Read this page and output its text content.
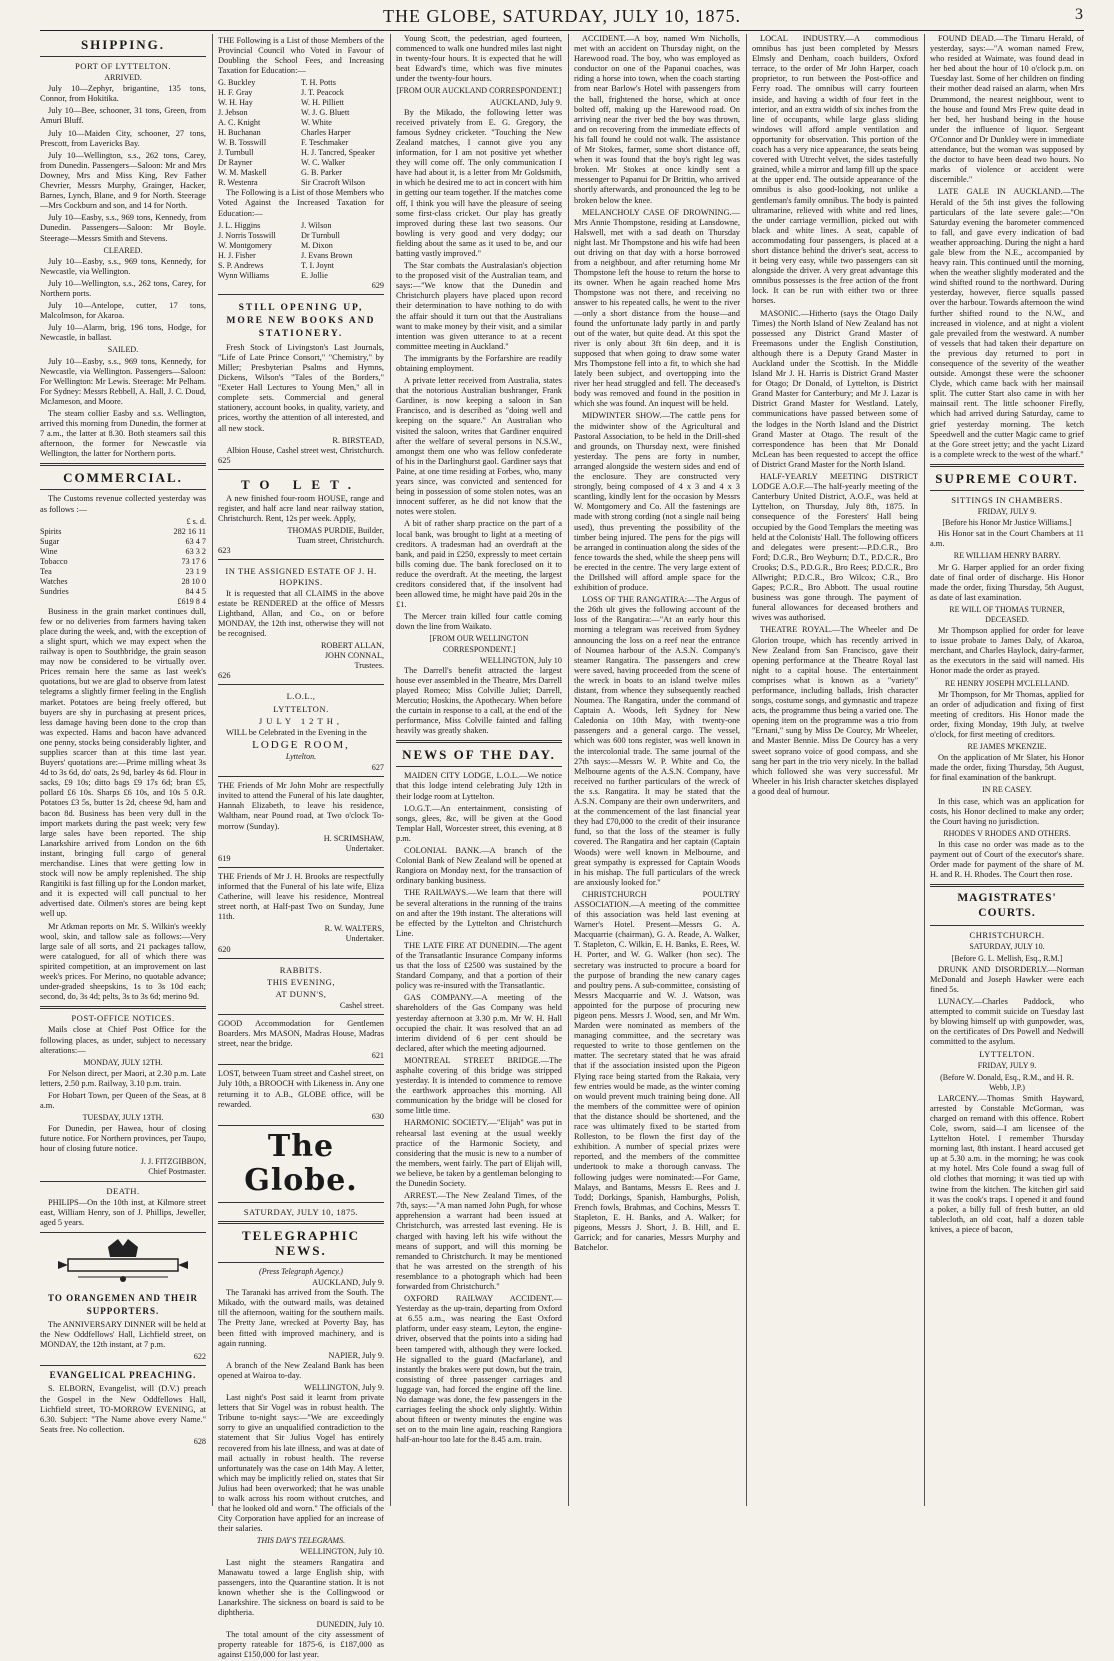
THE GLOBE, SATURDAY, JULY 10, 1875.	3
SHIPPING.
PORT OF LYTTELTON.
ARRIVED.

July 10—Zephyr, brigantine, 135 tons, Connor, from Hokitika.

July 10—Bee, schooner, 31 tons, Green, from Amuri Bluff.

July 10—Maiden City, schooner, 27 tons, Prescott, from Lavericks Bay.

July 10—Wellington, s.s., 262 tons, Carey, from Dunedin. Passengers—Saloon: Mr and Mrs Downey, Mrs and Miss King, Rev Father Chevrier, Messrs Murphy, Grainger, Hacker, Barnes, Lynch, Blane, and 9 for North. Steerage—Mrs Cockburn and son, and 14 for North.

July 10—Easby, s.s., 969 tons, Kennedy, from Dunedin. Passengers—Saloon: Mr Boyle. Steerage—Messrs Smith and Stevens.

CLEARED.

July 10—Easby, s.s., 969 tons, Kennedy, for Newcastle, via Wellington.

July 10—Wellington, s.s., 262 tons, Carey, for Northern ports.

July 10—Antelope, cutter, 17 tons, Malcolmson, for Akaroa.

July 10—Alarm, brig, 196 tons, Hodge, for Newcastle, in ballast.

SAILED.

July 10—Easby, s.s., 969 tons, Kennedy, for Newcastle, via Wellington. Passengers—Saloon: For Wellington: Mr Lewis. Steerage: Mr Pelham. For Sydney: Messrs Rebbell, A. Hall, J. C. Doud, McJameson, and Moore.

The steam collier Easby and s.s. Wellington, arrived this morning from Dunedin, the former at 7 a.m., the latter at 8.30. Both steamers sail this afternoon, the former for Newcastle via Wellington, the latter for Northern ports.

COMMERCIAL.

The Customs revenue collected yesterday was as follows :—

	£ s. d.
Spirits	282 16 11
Sugar	63 4 7
Wine	63 3 2
Tobacco	73 17 6
Tea	23 1 9
Watches	28 10 0
Sundries	84 4 5
	£619 8 4

Business in the grain market continues dull, few or no deliveries from farmers having taken place during the week, and, with the exception of a slight spurt, which we may expect when the railway is open to Southbridge, the grain season may now be considered to be virtually over. Prices remain here the same as last week's quotations, but we are glad to observe from latest telegrams a slightly firmer feeling in the English market. Potatoes are being freely offered, but buyers are shy in purchasing at present prices, less damage having been done to the crop than was expected. Hams and bacon have advanced one penny, stocks being considerably lighter, and supplies scarcer than at this time last year. Buyers' quotations are:—Prime milling wheat 3s 4d to 3s 6d, do' oats, 2s 9d, barley 4s 6d. Flour in sacks, £9 10s; ditto bags £9 17s 6d; bran £5, pollard £6 10s. Sharps £6 10s, and 10s 5 0.R. Potatoes £3 5s, butter 1s 2d, cheese 9d, ham and bacon 8d. Business has been very dull in the import markets during the past week; very few large sales have been reported. The ship Lanarkshire arrived from London on the 6th instant, bringing full cargo of general merchandise. Lines that were getting low in stock will now be amply replenished. The ship Rangitiki is fast filling up for the London market, and it is expected will call punctual to her advertised date. Oilmen's stores are being kept well up.

Mr Atkman reports on Mr. S. Wilkin's weekly wool, skin, and tallow sale as follows:—Very large sale of all sorts, and 21 packages tallow, were catalogued, for all of which there was spirited competition, at an improvement on last week's prices. For Merino, no quotable advance; under-graded sheepskins, 1s to 3s 10d each; second, do, 3s 4d; pelts, 3s to 3s 6d; merino 9d.

POST-OFFICE NOTICES.

Mails close at Chief Post Office for the following places, as under, subject to necessary alterations:—

MONDAY, JULY 12TH.

For Nelson direct, per Maori, at 2.30 p.m. Late letters, 2.50 p.m. Railway, 3.10 p.m. train.

For Hobart Town, per Queen of the Seas, at 8 a.m.

TUESDAY, JULY 13TH.

For Dunedin, per Hawea, hour of closing future notice. For Northern provinces, per Taupo, hour of closing future notice.

J. J. FITZGIBBON,
Chief Postmaster.
DEATH.

PHILIPS—On the 10th inst, at Kilmore street east, William Henry, son of J. Phillips, Jeweller, aged 5 years.

TO ORANGEMEN AND THEIR SUPPORTERS.

The ANNIVERSARY DINNER will be held at the New Oddfellows' Hall, Lichfield street, on MONDAY, the 12th instant, at 7 p.m.

622
EVANGELICAL PREACHING.

S. ELBORN, Evangelist, will (D.V.) preach the Gospel in the New Oddfellows Hall, Lichfield street, TO-MORROW EVENING, at 6.30. Subject: "The Name above every Name." Seats free. No collection.

628

THE Following is a List of those Members of the Provincial Council who Voted in Favour of Doubling the School Fees, and Increasing Taxation for Education:—

G. Buckley	T. H. Potts
H. F. Gray	J. T. Peacock
W. H. Hay	W. H. Pilliett
J. Jebson	W. J. G. Bluett
A. C. Knight	W. White
H. Buchanan	Charles Harper
W. B. Tosswill	F. Teschmaker
J. Turnbull	H. J. Tancred, Speaker
Dr Rayner	W. C. Walker
W. M. Maskell	G. B. Parker
R. Westenra	Sir Cracroft Wilson

The Following is a List of those Members who Voted Against the Increased Taxation for Education:—

J. L. Higgins	J. Wilson
J. Norris Tosswill	Dr Turnbull
W. Montgomery	M. Dixon
H. J. Fisher	J. Evans Brown
S. P. Andrews	T. I. Joynt
Wynn Williams	E. Jollie
629
STILL OPENING UP, MORE NEW BOOKS AND STATIONERY.

Fresh Stock of Livingston's Last Journals, "Life of Late Prince Consort," "Chemistry," by Miller; Presbyterian Psalms and Hymns, Dickens, Wilson's "Tales of the Borders," "Exeter Hall Lectures to Young Men," all in complete sets. Commercial and general stationery, account books, in quality, variety, and prices, worthy the attention of all interested, and all new stock.

R. BIRSTEAD,
Albion House, Cashel street west, Christchurch.
625
TO LET.

A new finished four-room HOUSE, range and register, and half acre land near railway station, Christchurch. Rent, 12s per week. Apply,

THOMAS PURDIE, Builder,
Tuam street, Christchurch.
623
IN THE ASSIGNED ESTATE OF J. H. HOPKINS.

It is requested that all CLAIMS in the above estate be RENDERED at the office of Messrs Lightband, Allan, and Co., on or before MONDAY, the 12th inst, otherwise they will not be recognised.

ROBERT ALLAN,
JOHN CONNAL,
Trustees.
626
L.O.L.,
LYTTELTON.
JULY 12TH,

WILL be Celebrated in the Evening in the

LODGE ROOM,
Lyttelton.
627

THE Friends of Mr John Mohr are respectfully invited to attend the Funeral of his late daughter, Hannah Elizabeth, to leave his residence, Waltham, near Pound road, at Two o'clock To-morrow (Sunday).

H. SCRIMSHAW,
Undertaker.
619

THE Friends of Mr J. H. Brooks are respectfully informed that the Funeral of his late wife, Eliza Catherine, will leave his residence, Montreal street north, at Half-past Two on Sunday, June 11th.

R. W. WALTERS,
Undertaker.
620
RABBITS.
THIS EVENING,
AT DUNN'S,
Cashel street.

GOOD Accommodation for Gentlemen Boarders. Mrs MASON, Madras House, Madras street, near the bridge.

621

LOST, between Tuam street and Cashel street, on July 10th, a BROOCH with Likeness in. Any one returning it to A.B., GLOBE office, will be rewarded.

630
The Globe.
SATURDAY, JULY 10, 1875.
TELEGRAPHIC NEWS.
(Press Telegraph Agency.)
AUCKLAND, July 9.

The Taranaki has arrived from the South. The Mikado, with the outward mails, was detained till the afternoon, waiting for the southern mails. The Pretty Jane, wrecked at Poverty Bay, has been fitted with improved machinery, and is again running.

NAPIER, July 9.

A branch of the New Zealand Bank has been opened at Wairoa to-day.

WELLINGTON, July 9.

Last night's Post said it learnt from private letters that Sir Vogel was in robust health. The Tribune to-night says:—"We are exceedingly sorry to give an unqualified contradiction to the statement that Sir Julius Vogel has entirely recovered from his late illness, and was at date of mail actually in robust health. The reverse unfortunately was the case on 14th May. A letter, which may be implicitly relied on, states that Sir Julius had been overworked; that he was unable to walk across his room without crutches, and that he looked old and worn." The officials of the City Corporation have applied for an increase of their salaries.

THIS DAY'S TELEGRAMS.
WELLINGTON, July 10.

Last night the steamers Rangatira and Manawatu towed a large English ship, with passengers, into the Quarantine station. It is not known whether she is the Collingwood or Lanarkshire. The sickness on board is said to be diphtheria.

DUNEDIN, July 10.

The total amount of the city assessment of property rateable for 1875-6, is £187,000 as against £150,000 for last year.

Young Scott, the pedestrian, aged fourteen, commenced to walk one hundred miles last night in twenty-four hours. It is expected that he will beat Edward's time, which was five minutes under the twenty-four hours.

[FROM OUR AUCKLAND CORRESPONDENT.]
AUCKLAND, July 9.

By the Mikado, the following letter was received privately from E. G. Gregory, the famous Sydney cricketer. "Touching the New Zealand matches, I cannot give you any information, for I am not positive yet whether they will come off. The only communication I have had about it, is a letter from Mr Goldsmith, in which he desired me to act in concert with him in getting our team together. If the matches come off, I think you will have the pleasure of seeing some first-class cricket. Our play has greatly improved during these last two seasons. Our bowling is very good and very dodgy; our fielding about the same as it used to be, and our batting vastly improved."

The Star combats the Australasian's objection to the proposed visit of the Australian team, and says:—"We know that the Dunedin and Christchurch players have placed upon record their determination to have nothing to do with the affair should it turn out that the Australians want to make money by their visit, and a similar intention was given utterance to at a recent committee meeting in Auckland."

The immigrants by the Forfarshire are readily obtaining employment.

A private letter received from Australia, states that the notorious Australian bushranger, Frank Gardiner, is now keeping a saloon in San Francisco, and is described as "doing well and keeping on the square." An Australian who visited the saloon, writes that Gardiner enquired after the welfare of several persons in N.S.W., amongst them one who was fellow confederate of his in the Darlinghurst gaol. Gardiner says that Paine, at one time residing at Forbes, who, many years since, was convicted and sentenced for being in possession of some stolen notes, was an innocent sufferer, as he did not know that the notes were stolen.

A bit of rather sharp practice on the part of a local bank, was brought to light at a meeting of creditors. A tradesman had an overdraft at the bank, and paid in £250, expressly to meet certain bills coming due. The bank foreclosed on it to reduce the overdraft. At the meeting, the largest creditors considered that, if the insolvent had been allowed time, he might have paid 20s in the £1.

The Mercer train killed four cattle coming down the line from Waikato.

[FROM OUR WELLINGTON CORRESPONDENT.]
WELLINGTON, July 10

The Darrell's benefit attracted the largest house ever assembled in the Theatre, Mrs Darrell played Romeo; Miss Colville Juliet; Darrell, Mercutio; Hoskins, the Apothecary. When before the curtain in response to a call, at the end of the performance, Miss Colville fainted and falling heavily was greatly shaken.

NEWS OF THE DAY.

MAIDEN CITY LODGE, L.O.L.—We notice that this lodge intend celebrating July 12th in their lodge room at Lyttelton.

I.O.G.T.—An entertainment, consisting of songs, glees, &c, will be given at the Good Templar Hall, Worcester street, this evening, at 8 p.m.

COLONIAL BANK.—A branch of the Colonial Bank of New Zealand will be opened at Rangiora on Monday next, for the transaction of ordinary banking business.

THE RAILWAYS.—We learn that there will be several alterations in the running of the trains on and after the 19th instant. The alterations will be effected by the Lyttelton and Christchurch Line.

THE LATE FIRE AT DUNEDIN.—The agent of the Transatlantic Insurance Company informs us that the loss of £2500 was sustained by the Standard Company, and that a portion of their policy was re-insured with the Transatlantic.

GAS COMPANY.—A meeting of the shareholders of the Gas Company was held yesterday afternoon at 3.30 p.m. Mr W. H. Hall occupied the chair. It was resolved that an ad interim dividend of 6 per cent should be declared, after which the meeting adjourned.

MONTREAL STREET BRIDGE.—The asphalte covering of this bridge was stripped yesterday. It is intended to commence to remove the earthwork approaches this morning. All communication by the bridge will be closed for some little time.

HARMONIC SOCIETY.—"Elijah" was put in rehearsal last evening at the usual weekly practice of the Harmonic Society, and considering that the music is new to a number of the members, went fairly. The part of Elijah will, we believe, be taken by a gentleman belonging to the Dunedin Society.

ARREST.—The New Zealand Times, of the 7th, says:—"A man named John Pugh, for whose apprehension a warrant had been issued at Christchurch, was arrested last evening. He is charged with having left his wife without the means of support, and will this morning be remanded to Christchurch. It may be mentioned that he was arrested on the strength of his resemblance to a photograph which had been forwarded from Christchurch."

OXFORD RAILWAY ACCIDENT.—Yesterday as the up-train, departing from Oxford at 6.55 a.m., was nearing the East Oxford platform, under easy steam, Leyton, the engine-driver, observed that the points into a siding had been tampered with, although they were locked. He signalled to the guard (Macfarlane), and instantly the brakes were put down, but the train, consisting of three passenger carriages and luggage van, had forced the engine off the line. No damage was done, the few passengers in the carriages feeling the shock only slightly. Within about fifteen or twenty minutes the engine was set on to the main line again, reaching Rangiora half-an-hour too late for the 8.45 a.m. train.

ACCIDENT.—A boy, named Wm Nicholls, met with an accident on Thursday night, on the Harewood road. The boy, who was employed as conductor on one of the Papanui coaches, was riding a horse into town, when the coach starting from near Barlow's Hotel with passengers from the ball, frightened the horse, which at once bolted off, making up the Harewood road. On arriving near the river bed the boy was thrown, and on recovering from the immediate effects of his fall found he could not walk. The assistance of Mr Stokes, farmer, some short distance off, when it was found that the boy's right leg was broken. Mr Stokes at once kindly sent a messenger to Papanui for Dr Brittin, who arrived shortly afterwards, and pronounced the leg to be broken below the knee.

MELANCHOLY CASE OF DROWNING.—Mrs Annie Thompstone, residing at Lansdowne, Halswell, met with a sad death on Thursday night last. Mr Thompstone and his wife had been out driving on that day with a horse borrowed from a neighbour, and after returning home Mr Thompstone left the house to return the horse to its owner. When he again reached home Mrs Thompstone was not there, and receiving no answer to his repeated calls, he went to the river—only a short distance from the house—and found the unfortunate lady partly in and partly out of the water, but quite dead. At this spot the river is only about 3ft 6in deep, and it is supposed that when going to draw some water Mrs Thompstone fell into a fit, to which she had lately been subject, and overtopping into the river her head struggled and fell. The deceased's body was removed and found in the position in which she was found. An inquest will be held.

MIDWINTER SHOW.—The cattle pens for the midwinter show of the Agricultural and Pastoral Association, to be held in the Drill-shed and grounds, on Thursday next, were finished yesterday. The pens are forty in number, arranged alongside the western sides and end of the enclosure. They are constructed very strongly, being composed of 4 x 3 and 4 x 3 scantling, kindly lent for the occasion by Messrs W. Montgomery and Co. All the fastenings are made with strong cording (not a single nail being used), thus preventing the possibility of the timber being injured. The pens for the pigs will be arranged in continuation along the sides of the fence towards the shed, while the sheep pens will be erected in the centre. The very large extent of the Drillshed will afford ample space for the exhibition of produce.

LOSS OF THE RANGATIRA:—The Argus of the 26th ult gives the following account of the loss of the Rangatira:—"At an early hour this morning a telegram was received from Sydney announcing the loss on a reef near the entrance of Noumea harbour of the A.S.N. Company's steamer Rangatira. The passengers and crew were saved, having proceeded from the scene of the wreck in boats to an island twelve miles distant, from whence they subsequently reached Noumea. The Rangatira, under the command of Captain A. Woods, left Sydney for New Caledonia on 10th May, with twenty-one passengers and a general cargo. The vessel, which was 600 tons register, was well known in the intercolonial trade. The same journal of the 27th says:—Messrs W. P. White and Co, the Melbourne agents of the A.S.N. Company, have received no further particulars of the wreck of the s.s. Rangatira. It may be stated that the A.S.N. Company are their own underwriters, and at the commencement of the last financial year they had £70,000 to the credit of their insurance fund, so that the loss of the steamer is fully covered. The Rangatira and her captain (Captain Woods) were well known in Melbourne, and great sympathy is expressed for Captain Woods in his mishap. The full particulars of the wreck are anxiously looked for."

CHRISTCHURCH POULTRY ASSOCIATION.—A meeting of the committee of this association was held last evening at Warner's Hotel. Present—Messrs G. A. Macquarrie (chairman), G. A. Reade, A. Walker, T. Stapleton, C. Wilkin, E. H. Banks, E. Rees, W. H. Porter, and W. G. Walker (hon sec). The secretary was instructed to procure a board for the purpose of branding the new canary cages and poultry pens. A sub-committee, consisting of Messrs Macquarrie and W. J. Watson, was appointed for the purpose of procuring new pigeon pens. Messrs J. Wood, sen, and Mr Wm. Marden were nominated as members of the managing committee, and the secretary was requested to write to those gentlemen on the matter. The secretary stated that he was afraid that if the association insisted upon the Pigeon Flying race being started from the Rakaia, very few entries would be made, as the winter coming on would prevent much training being done. All the members of the committee were of opinion that the distance should be shortened, and the race was ultimately fixed to be started from Rolleston, to be flown the first day of the exhibition. A number of special prizes were reported, and the members of the committee undertook to make a thorough canvass. The following judges were nominated:—For Game, Malays, and Bantams, Messrs E. Rees and J. Todd; Dorkings, Spanish, Hamburghs, Polish, French fowls, Brahmas, and Cochins, Messrs T. Stapleton, E. H. Banks, and A. Walker; for pigeons, Messrs J. Short, J. B. Hill, and E. Garrick; and for canaries, Messrs Murphy and Batchelor.

LOCAL INDUSTRY.—A commodious omnibus has just been completed by Messrs Elmsly and Denham, coach builders, Oxford terrace, to the order of Mr John Harper, coach proprietor, to run between the Post-office and Ferry road. The omnibus will carry fourteen inside, and having a width of four feet in the interior, and an extra width of six inches from the line of occupants, while large glass sliding windows will afford ample ventilation and opportunity for observation. This portion of the coach has a very nice appearance, the seats being covered with Utrecht velvet, the sides tastefully grained, while a mirror and lamp fill up the space at the upper end. The outside appearance of the omnibus is also good-looking, not unlike a gentleman's family omnibus. The body is painted ultramarine, relieved with white and red lines, the under carriage vermillion, picked out with black and white lines. A seat, capable of accommodating four passengers, is placed at a short distance behind the driver's seat, access to it being very easy, while two passengers can sit alongside the driver. A very great advantage this omnibus possesses is the free action of the front lock. It can be run with either two or three horses.

MASONIC.—Hitherto (says the Otago Daily Times) the North Island of New Zealand has not possessed any District Grand Master of Freemasons under the English Constitution, although there is a Deputy Grand Master in Auckland under the Scottish. In the Middle Island Mr J. H. Harris is District Grand Master for Otago; Dr Donald, of Lyttelton, is District Grand Master for Canterbury; and Mr J. Lazar is District Grand Master for Westland. Lately, communications have passed between some of the lodges in the North Island and the District Grand Master at Otago. The result of the correspondence has been that Mr Donald McLean has been requested to accept the office of District Grand Master for the North Island.

HALF-YEARLY MEETING DISTRICT LODGE A.O.F.—The half-yearly meeting of the Canterbury United District, A.O.F., was held at Lyttelton, on Thursday, July 8th, 1875. In consequence of the Foresters' Hall being occupied by the Good Templars the meeting was held at the Colonists' Hall. The following officers and delegates were present:—P.D.C.R., Bro Ford; D.C.R., Bro Weyburn; D.T., P.D.C.R., Bro Crooks; D.S., P.D.G.R., Bro Rees; P.D.C.R., Bro Allwright; P.D.C.R., Bro Wilcox; C.R., Bro Gapes; P.C.R., Bro Abbott. The usual routine business was gone through. The payment of funeral allowances for deceased brothers and wives was authorised.

THEATRE ROYAL.—The Wheeler and De Glorion troupe, which has recently arrived in New Zealand from San Francisco, gave their opening performance at the Theatre Royal last night to a capital house. The entertainment comprises what is known as a "variety" performance, including ballads, Irish character songs, costume songs, and gymnastic and trapeze acts, the programme thus being a varied one. The opening item on the programme was a trio from "Ernani," sung by Miss De Courcy, Mr Wheeler, and Master Bennie. Miss De Courcy has a very sweet soprano voice of good compass, and she sang her part in the trio very nicely. In the ballad which followed she was very successful. Mr Wheeler in his Irish character sketches displayed a good deal of humour.

FOUND DEAD.—The Timaru Herald, of yesterday, says:—"A woman named Frew, who resided at Waimate, was found dead in her bed about the hour of 10 o'clock p.m. on Tuesday last. Some of her children on finding their mother dead raised an alarm, when Mrs Drummond, the nearest neighbour, went to the house and found Mrs Frew quite dead in her bed, her husband being in the house under the influence of liquor. Sergeant O'Connor and Dr Dunkley were in immediate attendance, but the woman was supposed by the doctor to have been dead two hours. No marks of violence or accident were discernible."

LATE GALE IN AUCKLAND.—The Herald of the 5th inst gives the following particulars of the late severe gale:—"On Saturday evening the barometer commenced to fall, and gave every indication of bad weather approaching. During the night a hard gale blew from the N.E., accompanied by heavy rain. This continued until the morning, when the weather slightly moderated and the wind shifted round to the northward. During yesterday, however, fierce squalls passed over the harbour. Towards afternoon the wind further shifted round to the N.W., and increased in violence, and at night a violent gale prevailed from the westward. A number of vessels that had taken their departure on the previous day returned to port in consequence of the severity of the weather outside. Amongst these were the schooner Clyde, which came back with her mainsail split. The cutter Start also came in with her mainsail rent. The little schooner Firefly, which had arrived during Saturday, came to grief yesterday morning. The ketch Speedwell and the cutter Magic came to grief at the Gore street jetty; and the yacht Lizard is a complete wreck to the west of the wharf."

SUPREME COURT.
SITTINGS IN CHAMBERS.
FRIDAY, JULY 9.
[Before his Honor Mr Justice Williams.]

His Honor sat in the Court Chambers at 11 a.m.

RE WILLIAM HENRY BARRY.

Mr G. Harper applied for an order fixing date of final order of discharge. His Honor made the order, fixing Thursday, 5th August, as date of last examination.

RE WILL OF THOMAS TURNER, DECEASED.

Mr Thompson applied for order for leave to issue probate to James Daly, of Akaroa, merchant, and Charles Haylock, dairy-farmer, as the executors in the said will named. His Honor made the order as prayed.

RE HENRY JOSEPH M'CLELLAND.

Mr Thompson, for Mr Thomas, applied for an order of adjudication and fixing of first meeting of creditors. His Honor made the order, fixing Monday, 19th July, at twelve o'clock, for first meeting of creditors.

RE JAMES M'KENZIE.

On the application of Mr Slater, his Honor made the order, fixing Thursday, 5th August, for final examination of the bankrupt.

IN RE CASEY.

In this case, which was an application for costs, his Honor declined to make any order; the Court having no jurisdiction.

RHODES V RHODES AND OTHERS.

In this case no order was made as to the payment out of Court of the executor's share. Order made for payment of the share of M. H. and R. H. Rhodes. The Court then rose.

MAGISTRATES' COURTS.
CHRISTCHURCH.
SATURDAY, JULY 10.
[Before G. L. Mellish, Esq., R.M.]

DRUNK AND DISORDERLY.—Norman McDonald and Joseph Hawker were each fined 5s.

LUNACY.—Charles Paddock, who attempted to commit suicide on Tuesday last by blowing himself up with gunpowder, was, on the certificates of Drs Powell and Nedwill committed to the asylum.

LYTTELTON.
FRIDAY, JULY 9.
(Before W. Donald, Esq., R.M., and H. R. Webb, J.P.)

LARCENY.—Thomas Smith Hayward, arrested by Constable McGorman, was charged on remand with this offence. Robert Cole, sworn, said—I am licensee of the Lyttelton Hotel. I remember Thursday morning last, 8th instant. I heard accused get up at 5.30 a.m. in the morning; he was cook at my hotel. Mrs Cole found a swag full of old clothes that morning; it was tied up with twine from the kitchen. The kitchen girl said it was the cook's traps. I opened it and found a poker, a billy full of fresh butter, an old tablecloth, an old coat, half a dozen table knives, a piece of bacon,
